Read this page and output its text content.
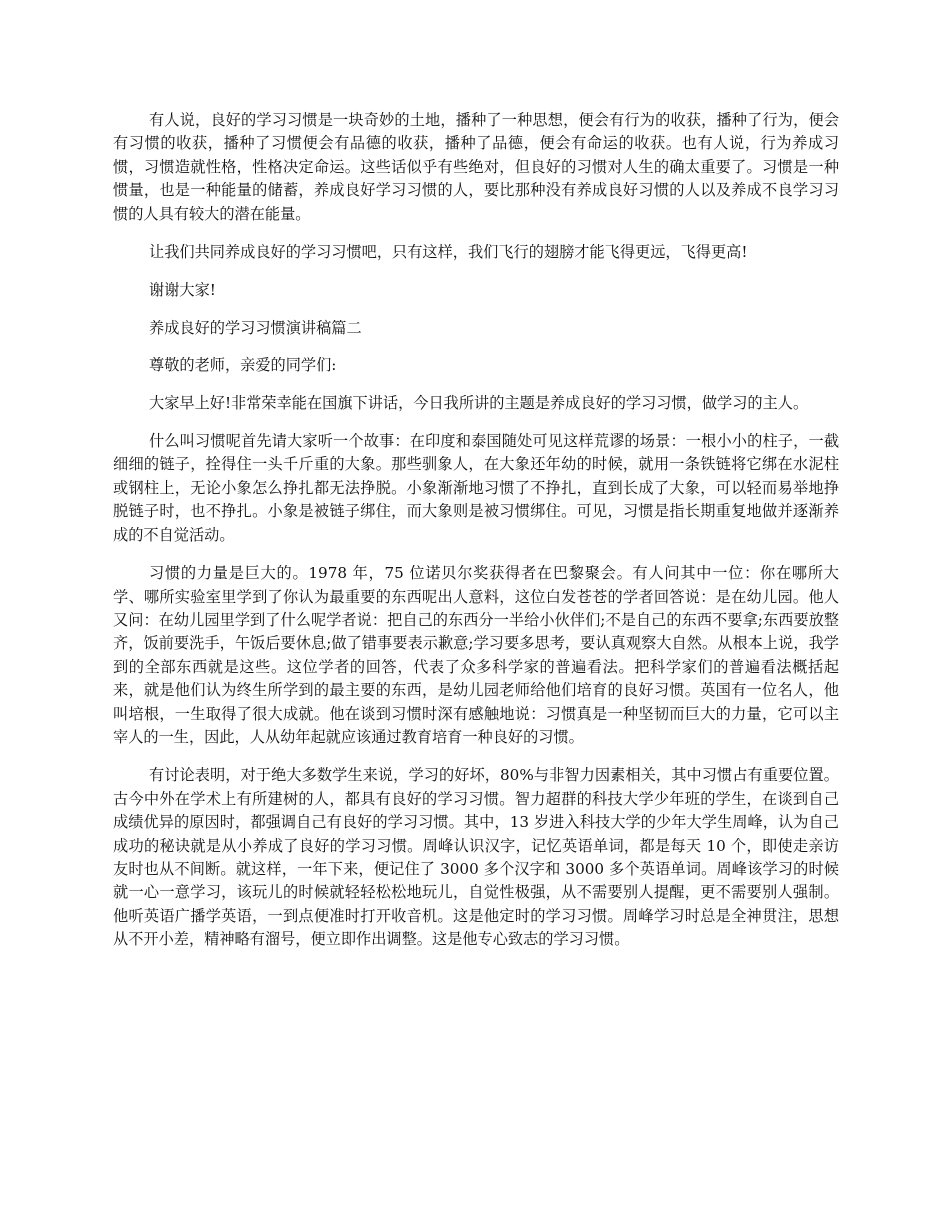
有人说，良好的学习习惯是一块奇妙的土地，播种了一种思想，便会有行为的收获，播种了行为，便会有习惯的收获，播种了习惯便会有品德的收获，播种了品德，便会有命运的收获。也有人说，行为养成习惯，习惯造就性格，性格决定命运。这些话似乎有些绝对，但良好的习惯对人生的确太重要了。习惯是一种惯量，也是一种能量的储蓄，养成良好学习习惯的人，要比那种没有养成良好习惯的人以及养成不良学习习惯的人具有较大的潜在能量。

让我们共同养成良好的学习习惯吧，只有这样，我们飞行的翅膀才能飞得更远，飞得更高!

谢谢大家!

养成良好的学习习惯演讲稿篇二

尊敬的老师，亲爱的同学们:

大家早上好!非常荣幸能在国旗下讲话，今日我所讲的主题是养成良好的学习习惯，做学习的主人。

什么叫习惯呢首先请大家听一个故事：在印度和泰国随处可见这样荒谬的场景：一根小小的柱子，一截细细的链子，拴得住一头千斤重的大象。那些驯象人，在大象还年幼的时候，就用一条铁链将它绑在水泥柱或钢柱上，无论小象怎么挣扎都无法挣脱。小象渐渐地习惯了不挣扎，直到长成了大象，可以轻而易举地挣脱链子时，也不挣扎。小象是被链子绑住，而大象则是被习惯绑住。可见，习惯是指长期重复地做并逐渐养成的不自觉活动。

习惯的力量是巨大的。1978 年，75 位诺贝尔奖获得者在巴黎聚会。有人问其中一位：你在哪所大学、哪所实验室里学到了你认为最重要的东西呢出人意料，这位白发苍苍的学者回答说：是在幼儿园。他人又问：在幼儿园里学到了什么呢学者说：把自己的东西分一半给小伙伴们;不是自己的东西不要拿;东西要放整齐，饭前要洗手，午饭后要休息;做了错事要表示歉意;学习要多思考，要认真观察大自然。从根本上说，我学到的全部东西就是这些。这位学者的回答，代表了众多科学家的普遍看法。把科学家们的普遍看法概括起来，就是他们认为终生所学到的最主要的东西，是幼儿园老师给他们培育的良好习惯。英国有一位名人，他叫培根，一生取得了很大成就。他在谈到习惯时深有感触地说：习惯真是一种坚韧而巨大的力量，它可以主宰人的一生，因此，人从幼年起就应该通过教育培育一种良好的习惯。

有讨论表明，对于绝大多数学生来说，学习的好坏，80%与非智力因素相关，其中习惯占有重要位置。古今中外在学术上有所建树的人，都具有良好的学习习惯。智力超群的科技大学少年班的学生，在谈到自己成绩优异的原因时，都强调自己有良好的学习习惯。其中，13 岁进入科技大学的少年大学生周峰，认为自己成功的秘诀就是从小养成了良好的学习习惯。周峰认识汉字，记忆英语单词，都是每天 10 个，即使走亲访友时也从不间断。就这样，一年下来，便记住了 3000 多个汉字和 3000 多个英语单词。周峰该学习的时候就一心一意学习，该玩儿的时候就轻轻松松地玩儿，自觉性极强，从不需要别人提醒，更不需要别人强制。他听英语广播学英语，一到点便准时打开收音机。这是他定时的学习习惯。周峰学习时总是全神贯注，思想从不开小差，精神略有溜号，便立即作出调整。这是他专心致志的学习习惯。
